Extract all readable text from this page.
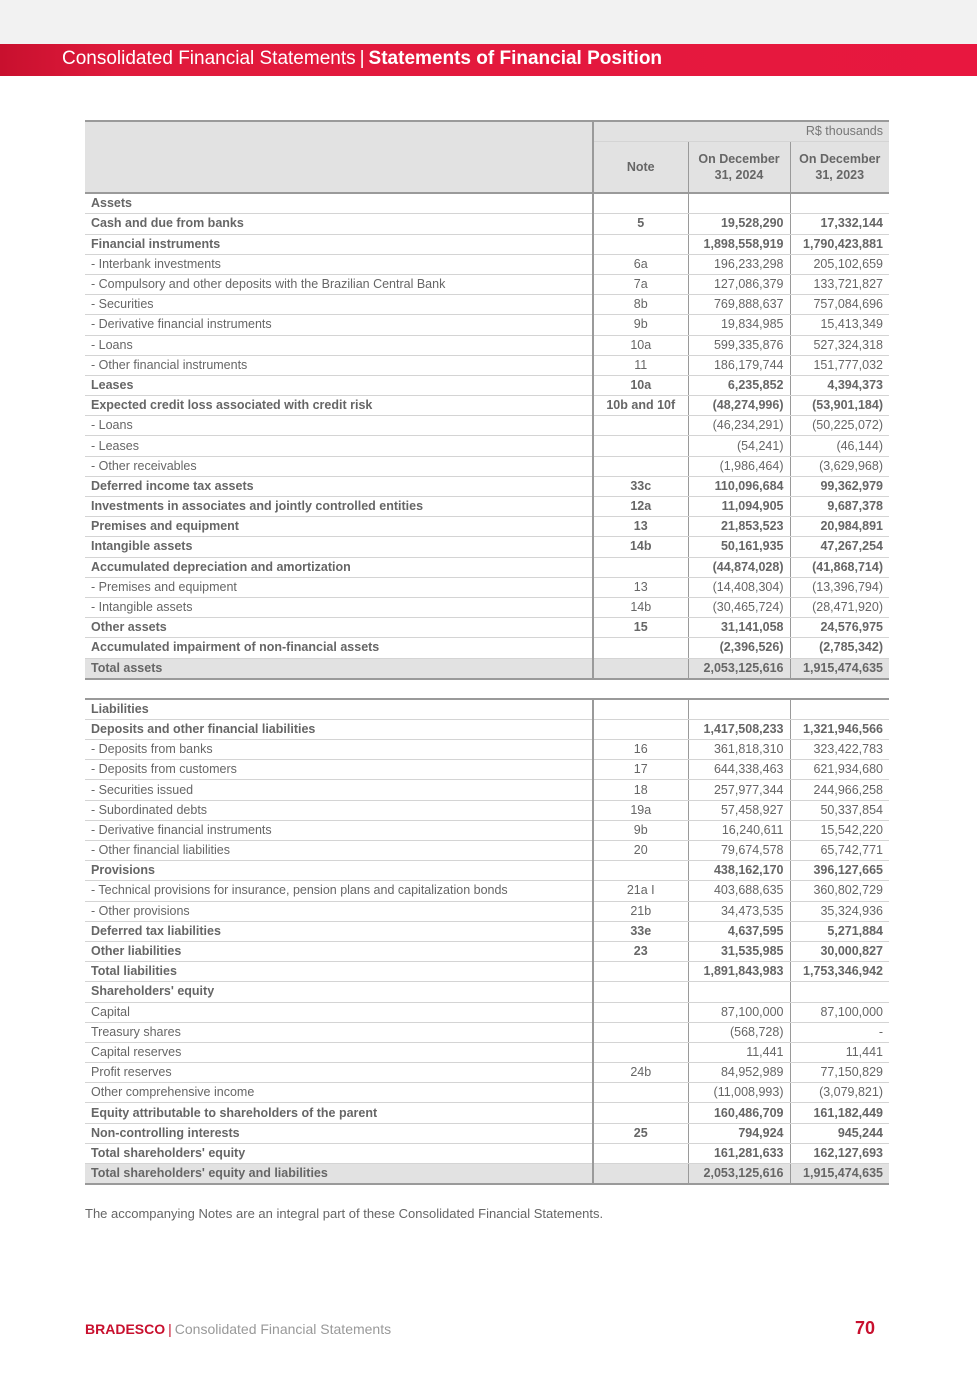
Consolidated Financial Statements | Statements of Financial Position
	R$ thousands		
	Note	On December 31, 2024	On December 31, 2023
Assets			
Cash and due from banks	5	19,528,290	17,332,144
Financial instruments		1,898,558,919	1,790,423,881
- Interbank investments	6a	196,233,298	205,102,659
- Compulsory and other deposits with the Brazilian Central Bank	7a	127,086,379	133,721,827
- Securities	8b	769,888,637	757,084,696
- Derivative financial instruments	9b	19,834,985	15,413,349
- Loans	10a	599,335,876	527,324,318
- Other financial instruments	11	186,179,744	151,777,032
Leases	10a	6,235,852	4,394,373
Expected credit loss associated with credit risk	10b and 10f	(48,274,996)	(53,901,184)
- Loans		(46,234,291)	(50,225,072)
- Leases		(54,241)	(46,144)
- Other receivables		(1,986,464)	(3,629,968)
Deferred income tax assets	33c	110,096,684	99,362,979
Investments in associates and jointly controlled entities	12a	11,094,905	9,687,378
Premises and equipment	13	21,853,523	20,984,891
Intangible assets	14b	50,161,935	47,267,254
Accumulated depreciation and amortization		(44,874,028)	(41,868,714)
- Premises and equipment	13	(14,408,304)	(13,396,794)
- Intangible assets	14b	(30,465,724)	(28,471,920)
Other assets	15	31,141,058	24,576,975
Accumulated impairment of non-financial assets		(2,396,526)	(2,785,342)
Total assets		2,053,125,616	1,915,474,635

Liabilities			
Deposits and other financial liabilities		1,417,508,233	1,321,946,566
- Deposits from banks	16	361,818,310	323,422,783
- Deposits from customers	17	644,338,463	621,934,680
- Securities issued	18	257,977,344	244,966,258
- Subordinated debts	19a	57,458,927	50,337,854
- Derivative financial instruments	9b	16,240,611	15,542,220
- Other financial liabilities	20	79,674,578	65,742,771
Provisions		438,162,170	396,127,665
- Technical provisions for insurance, pension plans and capitalization bonds	21a I	403,688,635	360,802,729
- Other provisions	21b	34,473,535	35,324,936
Deferred tax liabilities	33e	4,637,595	5,271,884
Other liabilities	23	31,535,985	30,000,827
Total liabilities		1,891,843,983	1,753,346,942
Shareholders' equity			
Capital		87,100,000	87,100,000
Treasury shares		(568,728)	-
Capital reserves		11,441	11,441
Profit reserves	24b	84,952,989	77,150,829
Other comprehensive income		(11,008,993)	(3,079,821)
Equity attributable to shareholders of the parent		160,486,709	161,182,449
Non-controlling interests	25	794,924	945,244
Total shareholders' equity		161,281,633	162,127,693
Total shareholders' equity and liabilities		2,053,125,616	1,915,474,635
The accompanying Notes are an integral part of these Consolidated Financial Statements.
BRADESCO | Consolidated Financial Statements	70
